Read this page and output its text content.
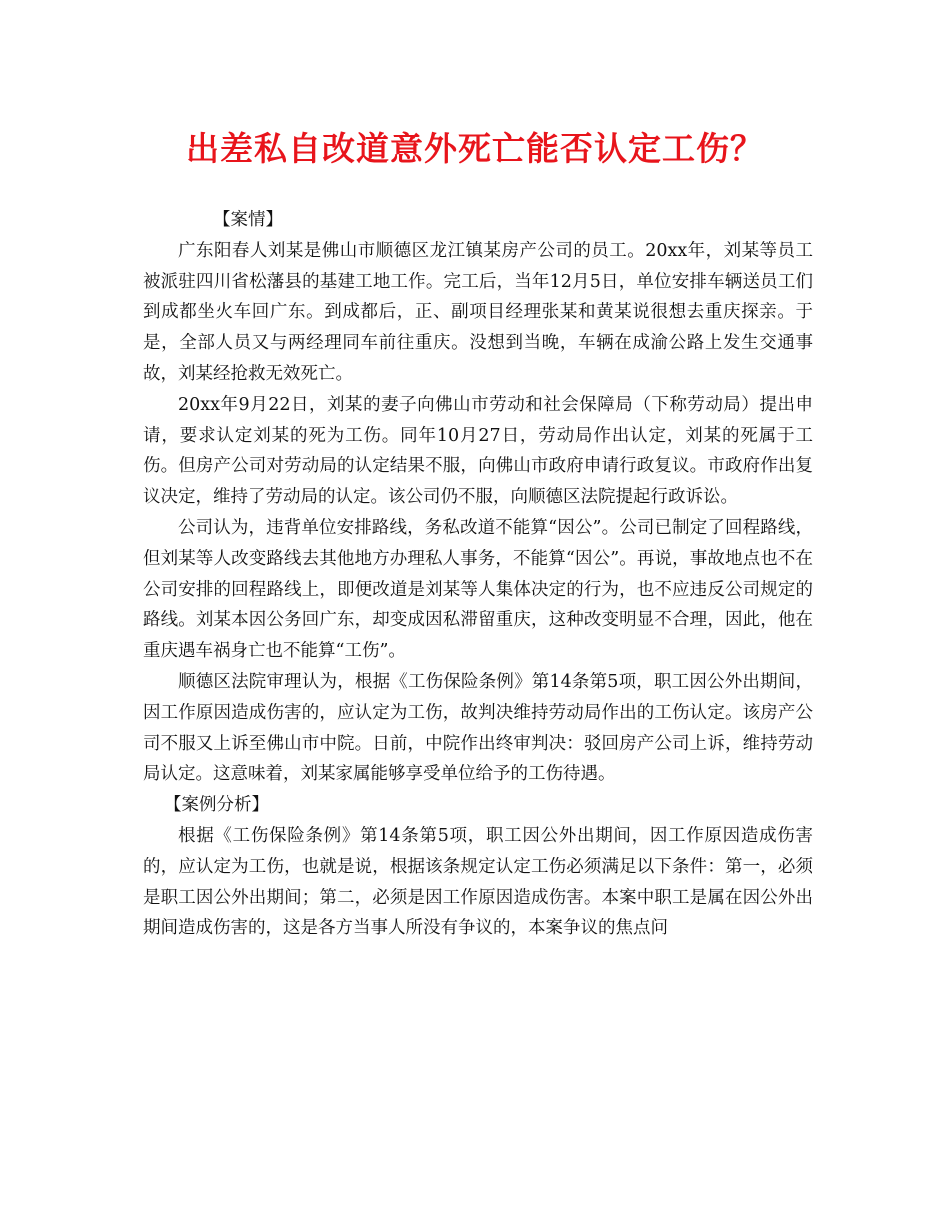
出差私自改道意外死亡能否认定工伤？

【案情】

广东阳春人刘某是佛山市顺德区龙江镇某房产公司的员工。20xx年，刘某等员工被派驻四川省松藩县的基建工地工作。完工后，当年12月5日，单位安排车辆送员工们到成都坐火车回广东。到成都后，正、副项目经理张某和黄某说很想去重庆探亲。于是，全部人员又与两经理同车前往重庆。没想到当晚，车辆在成渝公路上发生交通事故，刘某经抢救无效死亡。

20xx年9月22日，刘某的妻子向佛山市劳动和社会保障局（下称劳动局）提出申请，要求认定刘某的死为工伤。同年10月27日，劳动局作出认定，刘某的死属于工伤。但房产公司对劳动局的认定结果不服，向佛山市政府申请行政复议。市政府作出复议决定，维持了劳动局的认定。该公司仍不服，向顺德区法院提起行政诉讼。

公司认为，违背单位安排路线，务私改道不能算“因公”。公司已制定了回程路线，但刘某等人改变路线去其他地方办理私人事务，不能算“因公”。再说，事故地点也不在公司安排的回程路线上，即便改道是刘某等人集体决定的行为，也不应违反公司规定的路线。刘某本因公务回广东，却变成因私滞留重庆，这种改变明显不合理，因此，他在重庆遇车祸身亡也不能算“工伤”。

顺德区法院审理认为，根据《工伤保险条例》第14条第5项，职工因公外出期间，因工作原因造成伤害的，应认定为工伤，故判决维持劳动局作出的工伤认定。该房产公司不服又上诉至佛山市中院。日前，中院作出终审判决：驳回房产公司上诉，维持劳动局认定。这意味着，刘某家属能够享受单位给予的工伤待遇。

【案例分析】

根据《工伤保险条例》第14条第5项，职工因公外出期间，因工作原因造成伤害的，应认定为工伤，也就是说，根据该条规定认定工伤必须满足以下条件：第一，必须是职工因公外出期间；第二，必须是因工作原因造成伤害。本案中职工是属在因公外出期间造成伤害的，这是各方当事人所没有争议的，本案争议的焦点问
